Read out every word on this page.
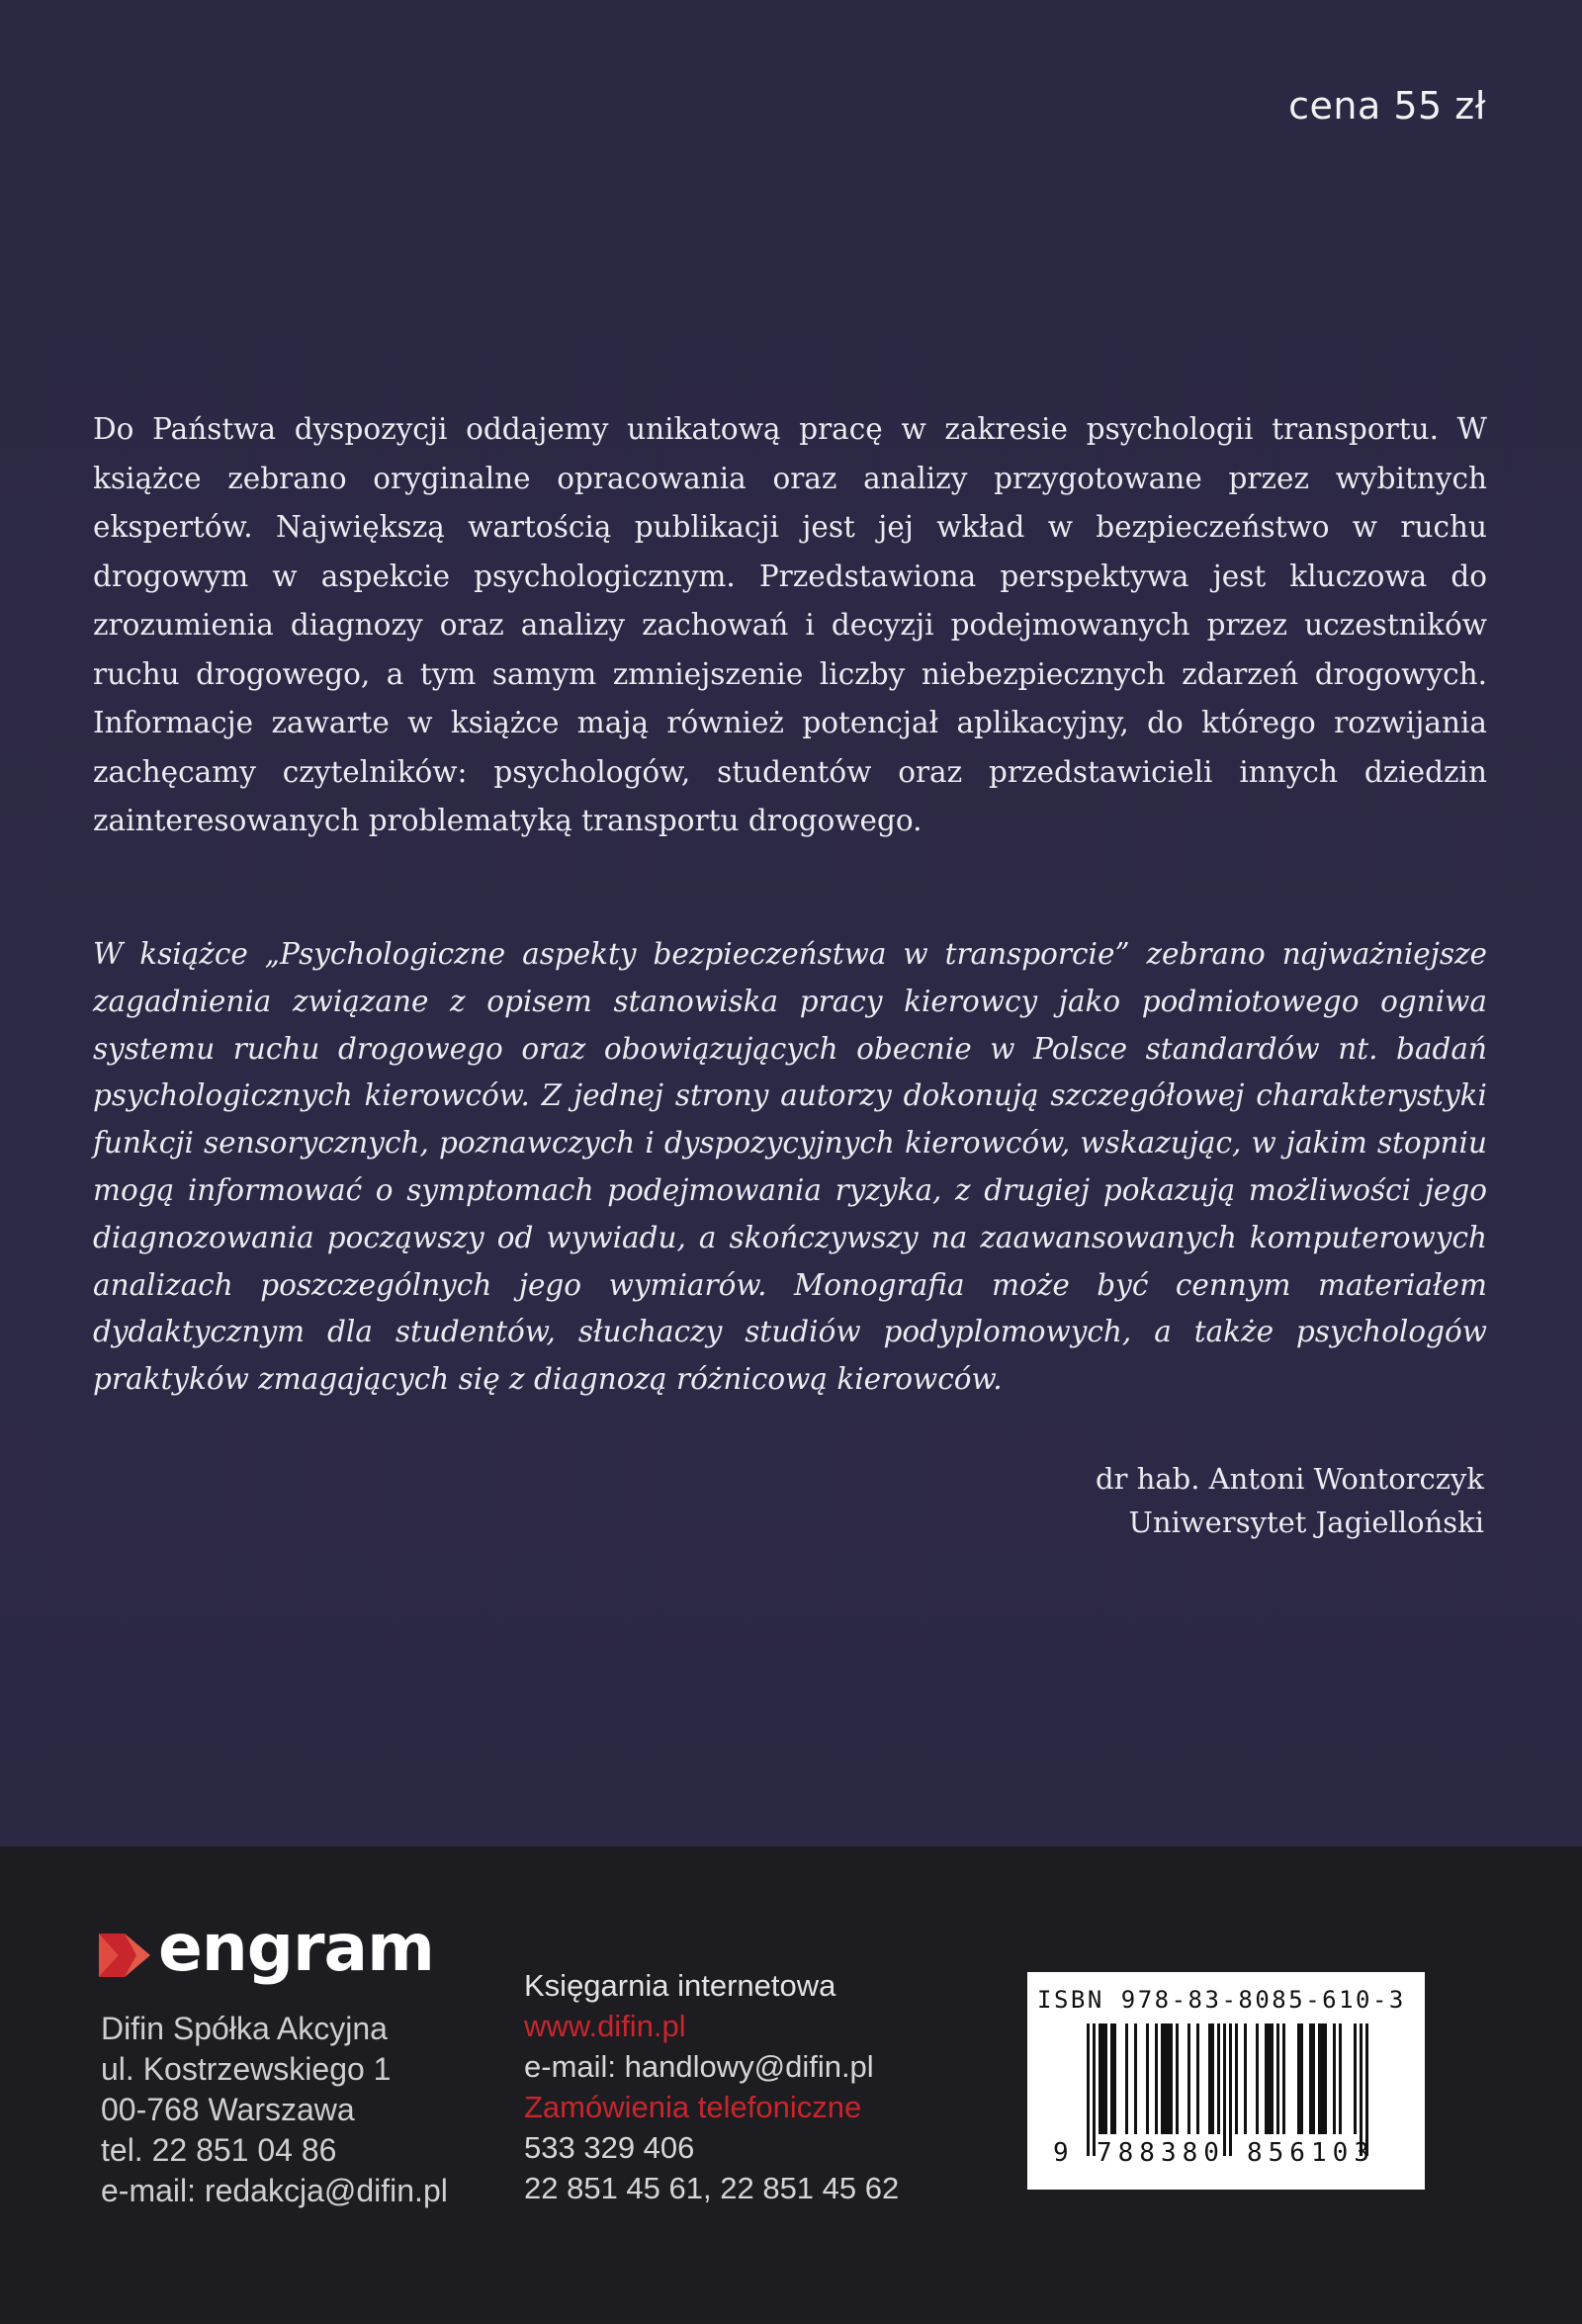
cena 55 zł

Do Państwa dyspozycji oddajemy unikatową pracę w zakresie psychologii transportu. W książce zebrano oryginalne opracowania oraz analizy przygotowane przez wybitnych ekspertów. Największą wartością publikacji jest jej wkład w bezpieczeństwo w ruchu drogowym w aspekcie psychologicznym. Przedstawiona perspektywa jest kluczowa do zrozumienia diagnozy oraz analizy zachowań i decyzji podejmowanych przez uczestników ruchu drogowego, a tym samym zmniejszenie liczby niebezpiecznych zdarzeń drogowych. Informacje zawarte w książce mają również potencjał aplikacyjny, do którego rozwijania zachęcamy czytelników: psychologów, studentów oraz przedstawicieli innych dziedzin zainteresowanych problematyką transportu drogowego.

W książce „Psychologiczne aspekty bezpieczeństwa w transporcie” zebrano najważniejsze zagadnienia związane z opisem stanowiska pracy kierowcy jako podmiotowego ogniwa systemu ruchu drogowego oraz obowiązujących obecnie w Polsce standardów nt. badań psychologicznych kierowców. Z jednej strony autorzy dokonują szczegółowej charakterystyki funkcji sensorycznych, poznawczych i dyspozycyjnych kierowców, wskazując, w jakim stopniu mogą informować o symptomach podejmowania ryzyka, z drugiej pokazują możliwości jego diagnozowania począwszy od wywiadu, a skończywszy na zaawansowanych komputerowych analizach poszczególnych jego wymiarów. Monografia może być cennym materiałem dydaktycznym dla studentów, słuchaczy studiów podyplomowych, a także psychologów praktyków zmagających się z diagnozą różnicową kierowców.

dr hab. Antoni Wontorczyk
Uniwersytet Jagielloński
engram
Difin Spółka Akcyjna
ul. Kostrzewskiego 1
00-768 Warszawa
tel. 22 851 04 86
e-mail: redakcja@difin.pl
Księgarnia internetowa
www.difin.pl
e-mail: handlowy@difin.pl
Zamówienia telefoniczne
533 329 406
22 851 45 61, 22 851 45 62
ISBN 978-83-8085-610-3
9 788380 856103
